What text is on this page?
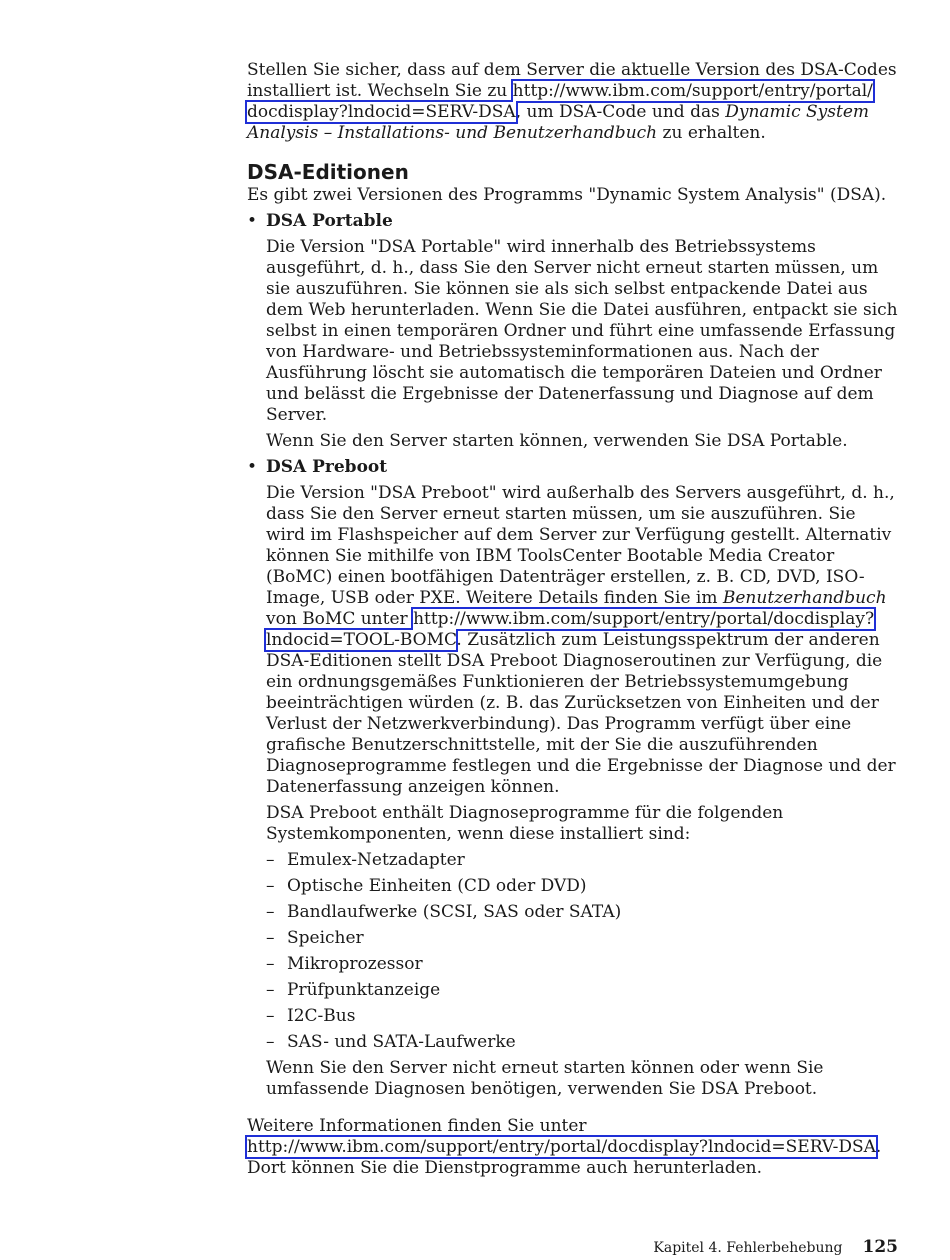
Stellen Sie sicher, dass auf dem Server die aktuelle Version des DSA-Codes installiert ist. Wechseln Sie zu http://www.ibm.com/support/entry/portal/​docdisplay?lndocid=SERV-DSA, um DSA-Code und das Dynamic System Analysis – Installations- und Benutzerhandbuch zu erhalten.

DSA-Editionen

Es gibt zwei Versionen des Programms "Dynamic System Analysis" (DSA).

• DSA Portable

Die Version "DSA Portable" wird innerhalb des Betriebssystems ausgeführt, d. h., dass Sie den Server nicht erneut starten müssen, um sie auszuführen. Sie können sie als sich selbst entpackende Datei aus dem Web herunterladen. Wenn Sie die Datei ausführen, entpackt sie sich selbst in einen temporären Ordner und führt eine umfassende Erfassung von Hardware- und Betriebssysteminformationen aus. Nach der Ausführung löscht sie automatisch die temporären Dateien und Ordner und belässt die Ergebnisse der Datenerfassung und Diagnose auf dem Server.

Wenn Sie den Server starten können, verwenden Sie DSA Portable.

• DSA Preboot

Die Version "DSA Preboot" wird außerhalb des Servers ausgeführt, d. h., dass Sie den Server erneut starten müssen, um sie auszuführen. Sie wird im Flashspeicher auf dem Server zur Verfügung gestellt. Alternativ können Sie mithilfe von IBM ToolsCenter Bootable Media Creator (BoMC) einen bootfähigen Datenträger erstellen, z. B. CD, DVD, ISO-Image, USB oder PXE. Weitere Details finden Sie im Benutzerhandbuch von BoMC unter http://www.ibm.com/support/entry/portal/docdisplay?lndocid=TOOL-BOMC. Zusätzlich zum Leistungsspektrum der anderen DSA-Editionen stellt DSA Preboot Diagnoseroutinen zur Verfügung, die ein ordnungsgemäßes Funktionieren der Betriebssystemumgebung beeinträchtigen würden (z. B. das Zurücksetzen von Einheiten und der Verlust der Netzwerkverbindung). Das Programm verfügt über eine grafische Benutzerschnittstelle, mit der Sie die auszuführenden Diagnoseprogramme festlegen und die Ergebnisse der Diagnose und der Datenerfassung anzeigen können.

DSA Preboot enthält Diagnoseprogramme für die folgenden Systemkomponenten, wenn diese installiert sind:

– Emulex-Netzadapter
– Optische Einheiten (CD oder DVD)
– Bandlaufwerke (SCSI, SAS oder SATA)
– Speicher
– Mikroprozessor
– Prüfpunktanzeige
– I2C-Bus
– SAS- und SATA-Laufwerke

Wenn Sie den Server nicht erneut starten können oder wenn Sie umfassende Diagnosen benötigen, verwenden Sie DSA Preboot.

Weitere Informationen finden Sie unter http://www.ibm.com/support/entry/portal/docdisplay?lndocid=SERV-DSA. Dort können Sie die Dienstprogramme auch herunterladen.

Kapitel 4. Fehlerbehebung 125
